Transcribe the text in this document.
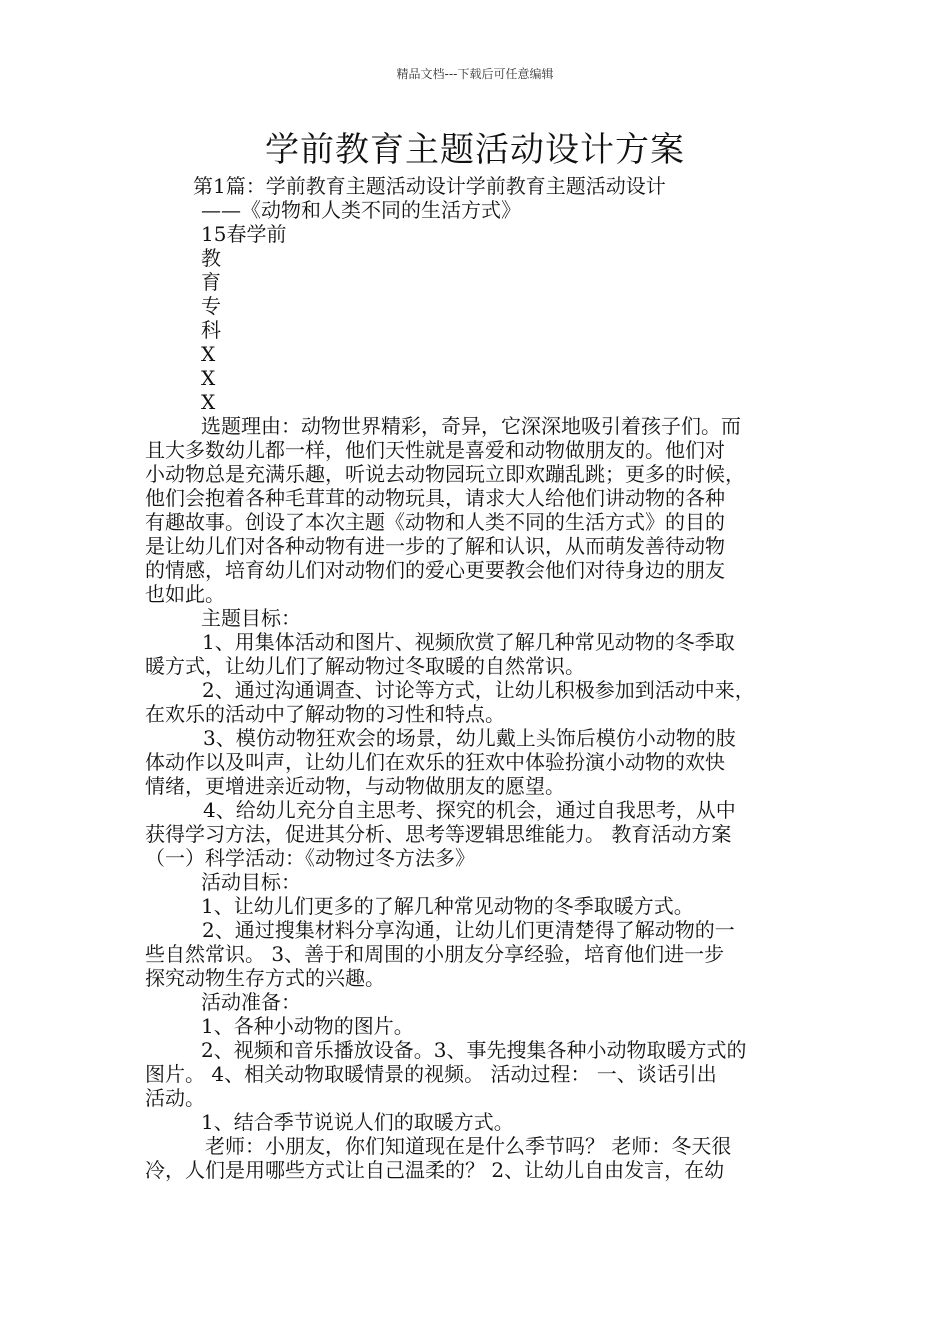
精品文档---下载后可任意编辑
学前教育主题活动设计方案
第1篇：学前教育主题活动设计学前教育主题活动设计
——《动物和人类不同的生活方式》
15春学前
教
育
专
科
X
X
X
选题理由：动物世界精彩，奇异，它深深地吸引着孩子们。而
且大多数幼儿都一样，他们天性就是喜爱和动物做朋友的。他们对
小动物总是充满乐趣，听说去动物园玩立即欢蹦乱跳；更多的时候，
他们会抱着各种毛茸茸的动物玩具，请求大人给他们讲动物的各种
有趣故事。创设了本次主题《动物和人类不同的生活方式》的目的
是让幼儿们对各种动物有进一步的了解和认识，从而萌发善待动物
的情感，培育幼儿们对动物们的爱心更要教会他们对待身边的朋友
也如此。
主题目标：
1、用集体活动和图片、视频欣赏了解几种常见动物的冬季取
暖方式，让幼儿们了解动物过冬取暖的自然常识。
2、通过沟通调查、讨论等方式，让幼儿积极参加到活动中来，
在欢乐的活动中了解动物的习性和特点。
3、模仿动物狂欢会的场景，幼儿戴上头饰后模仿小动物的肢
体动作以及叫声，让幼儿们在欢乐的狂欢中体验扮演小动物的欢快
情绪，更增进亲近动物，与动物做朋友的愿望。
4、给幼儿充分自主思考、探究的机会，通过自我思考，从中
获得学习方法，促进其分析、思考等逻辑思维能力。 教育活动方案
（一）科学活动：《动物过冬方法多》
活动目标：
1、让幼儿们更多的了解几种常见动物的冬季取暖方式。
2、通过搜集材料分享沟通，让幼儿们更清楚得了解动物的一
些自然常识。 3、善于和周围的小朋友分享经验，培育他们进一步
探究动物生存方式的兴趣。
活动准备：
1、各种小动物的图片。
2、视频和音乐播放设备。3、事先搜集各种小动物取暖方式的
图片。 4、相关动物取暖情景的视频。 活动过程： 一、谈话引出
活动。
1、结合季节说说人们的取暖方式。
老师：小朋友，你们知道现在是什么季节吗？ 老师：冬天很
冷，人们是用哪些方式让自己温柔的？ 2、让幼儿自由发言，在幼
